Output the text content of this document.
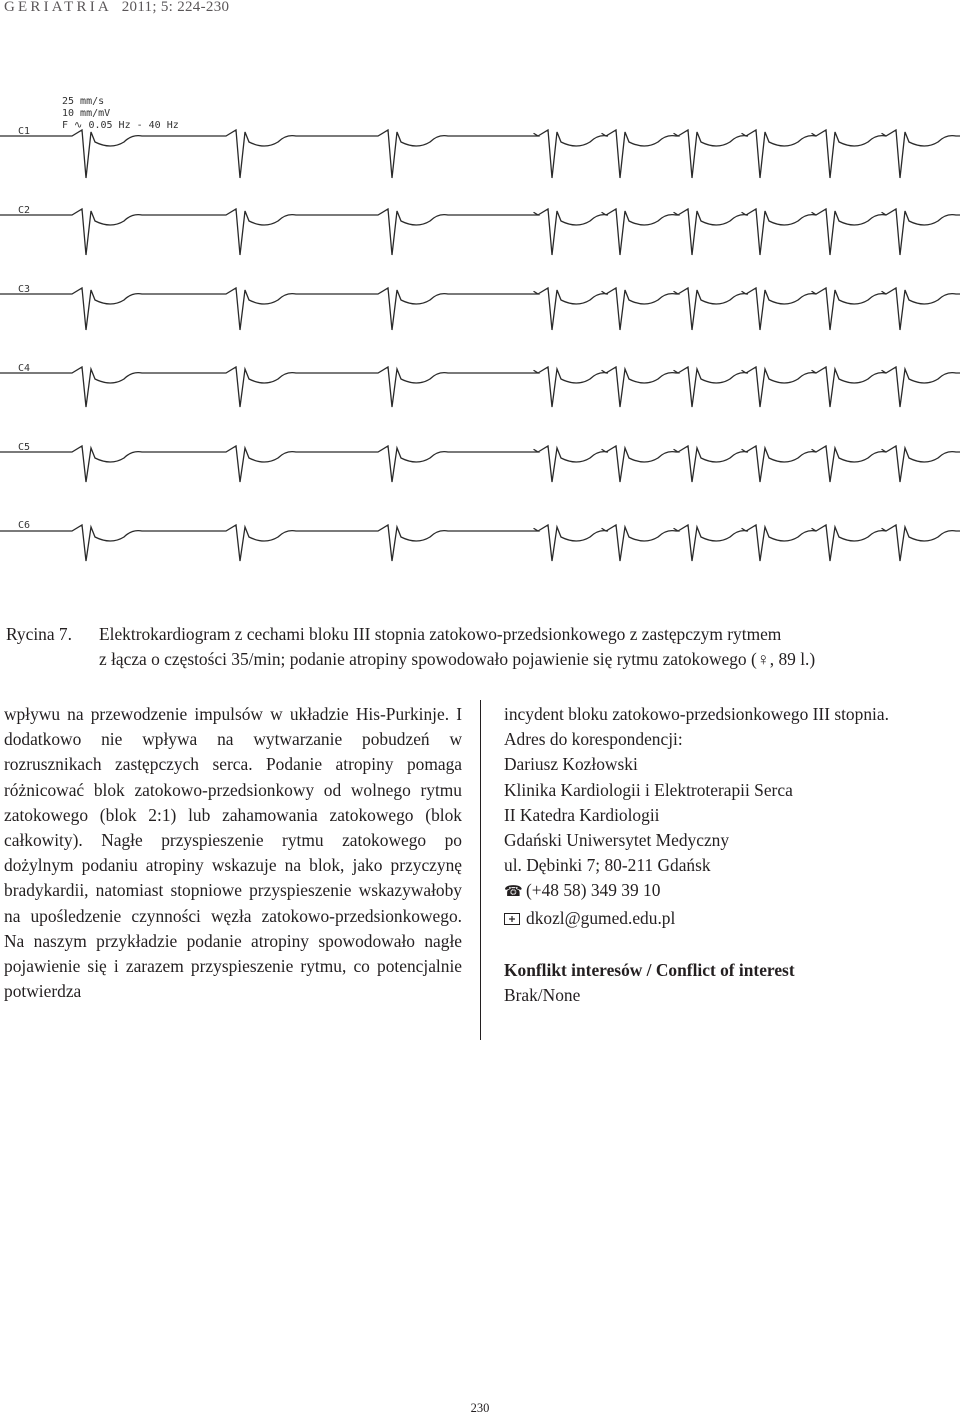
GERIATRIA 2011; 5: 224-230
25 mm/s
10 mm/mV
F ∿ 0.05 Hz - 40 Hz
C1
C2
C3
C4
C5
C6
Rycina 7. Elektrokardiogram z cechami bloku III stopnia zatokowo-przedsionkowego z zastępczym rytmem
z łącza o częstości 35/min; podanie atropiny spowodowało pojawienie się rytmu zatokowego (♀, 89 l.)

wpływu na przewodzenie impulsów w układzie His-Purkinje. I dodatkowo nie wpływa na wytwarzanie pobudzeń w rozrusznikach zastępczych serca. Podanie atropiny pomaga różnicować blok zatokowo-przedsionkowy od wolnego rytmu zatokowego (blok 2:1) lub zahamowania zatokowego (blok całkowity). Nagłe przyspieszenie rytmu zatokowego po dożylnym podaniu atropiny wskazuje na blok, jako przyczynę bradykardii, natomiast stopniowe przyspieszenie wskazywałoby na upośledzenie czynności węzła zatokowo-przedsionkowego. Na naszym przykładzie podanie atropiny spowodowało nagłe pojawienie się i zarazem przyspieszenie rytmu, co potencjalnie potwierdza

incydent bloku zatokowo-przedsionkowego III stopnia.
Adres do korespondencji:
Dariusz Kozłowski
Klinika Kardiologii i Elektroterapii Serca
II Katedra Kardiologii
Gdański Uniwersytet Medyczny
ul. Dębinki 7; 80-211 Gdańsk
☎ (+48 58) 349 39 10
dkozl@gumed.edu.pl
Konflikt interesów / Conflict of interest
Brak/None
230
